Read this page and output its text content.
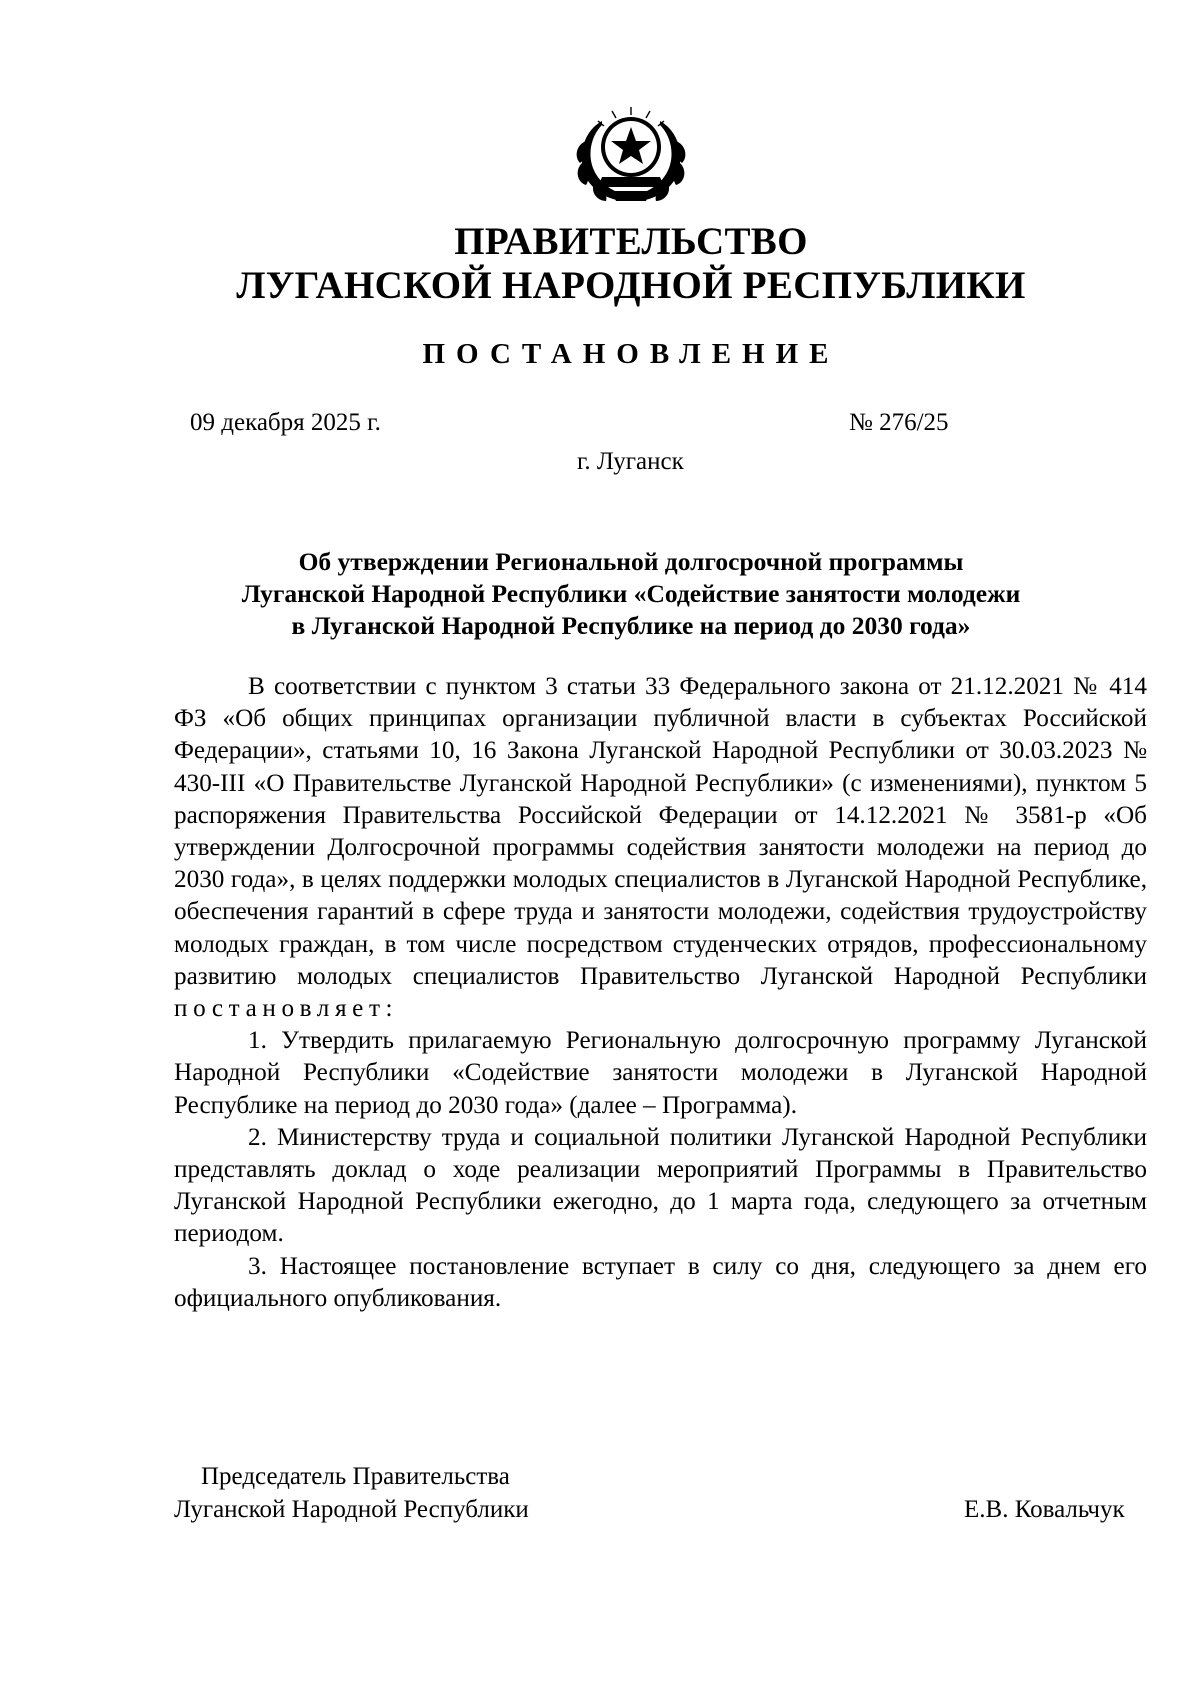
ПРАВИТЕЛЬСТВО
ЛУГАНСКОЙ НАРОДНОЙ РЕСПУБЛИКИ
ПОСТАНОВЛЕНИЕ
09 декабря 2025 г.	№ 276/25
г. Луганск
Об утверждении Региональной долгосрочной программы
Луганской Народной Республики «Содействие занятости молодежи
в Луганской Народной Республике на период до 2030 года»

В соответствии с пунктом 3 статьи 33 Федерального закона от 21.12.2021 № 414 ФЗ «Об общих принципах организации публичной власти в субъектах Российской Федерации», статьями 10, 16 Закона Луганской Народной Республики от 30.03.2023 № 430-III «О Правительстве Луганской Народной Республики» (с изменениями), пунктом 5 распоряжения Правительства Российской Федерации от 14.12.2021 № 3581-р «Об утверждении Долгосрочной программы содействия занятости молодежи на период до 2030 года», в целях поддержки молодых специалистов в Луганской Народной Республике, обеспечения гарантий в сфере труда и занятости молодежи, содействия трудоустройству молодых граждан, в том числе посредством студенческих отрядов, профессиональному развитию молодых специалистов Правительство Луганской Народной Республики постановляет:

1. Утвердить прилагаемую Региональную долгосрочную программу Луганской Народной Республики «Содействие занятости молодежи в Луганской Народной Республике на период до 2030 года» (далее – Программа).

2. Министерству труда и социальной политики Луганской Народной Республики представлять доклад о ходе реализации мероприятий Программы в Правительство Луганской Народной Республики ежегодно, до 1 марта года, следующего за отчетным периодом.

3. Настоящее постановление вступает в силу со дня, следующего за днем его официального опубликования.

Председатель Правительства
Луганской Народной Республики	Е.В. Ковальчук
